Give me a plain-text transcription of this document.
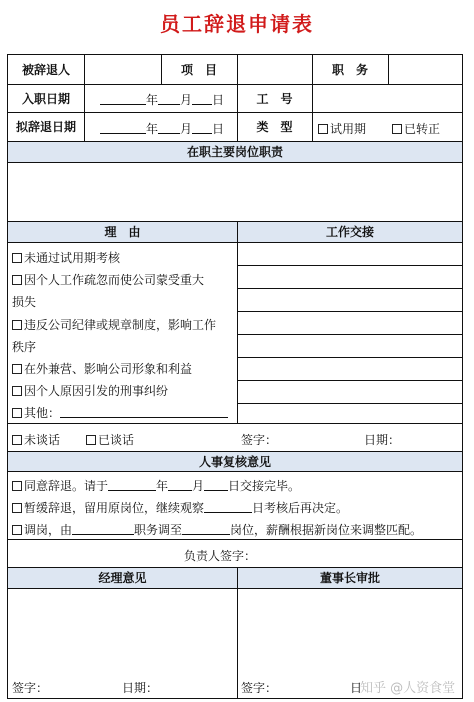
员工辞退申请表
被辞退人	项　目	职　务
入职日期	年 月 日	工　号
拟辞退日期	年 月 日	类　型	试用期	已转正
在职主要岗位职责
理　由	工作交接
未通过试用期考核
因个人工作疏忽而使公司蒙受重大
损失
违反公司纪律或规章制度，影响工作
秩序
在外兼营、影响公司形象和利益
因个人原因引发的刑事纠纷
其他：
未谈话	已谈话	签字：	日期：
人事复核意见
同意辞退。请于	年 月 日交接完毕。
暂缓辞退，留用原岗位，继续观察	日考核后再决定。
调岗，由	职务调至	岗位，薪酬根据新岗位来调整匹配。
负责人签字：
经理意见	董事长审批
签字：	日期：	签字：	日
知乎 @人资食堂
